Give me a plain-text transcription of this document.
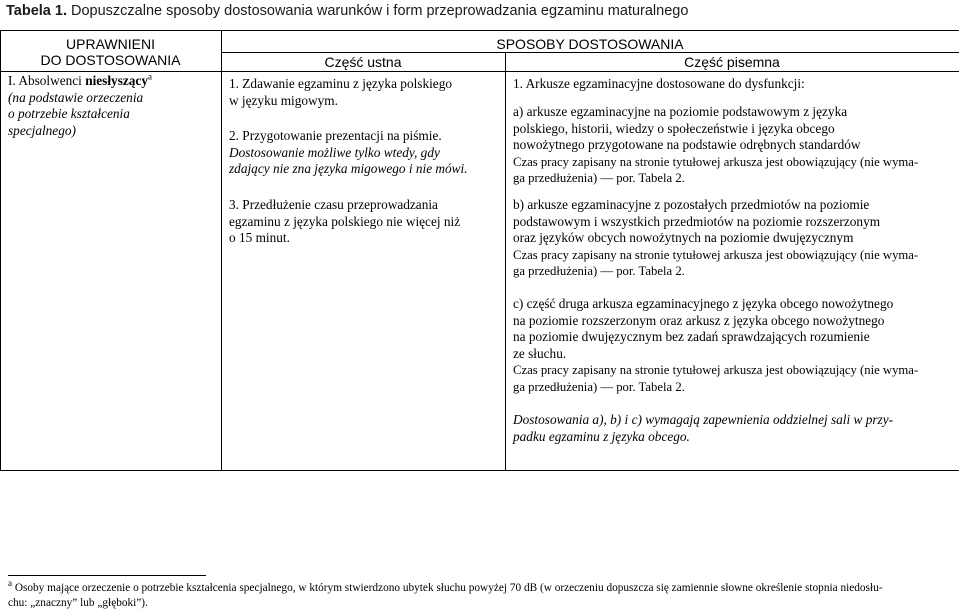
Tabela 1. Dopuszczalne sposoby dostosowania warunków i form przeprowadzania egzaminu maturalnego
UPRAWNIENI
DO DOSTOSOWANIA
SPOSOBY DOSTOSOWANIA
Część ustna	Część pisemna
I. Absolwenci niesłyszący$^a$
(na podstawie orzeczenia
o potrzebie kształcenia
specjalnego)
1. Zdawanie egzaminu z języka polskiego
w języku migowym.
2. Przygotowanie prezentacji na piśmie.
Dostosowanie możliwe tylko wtedy, gdy
zdający nie zna języka migowego i nie mówi.
3. Przedłużenie czasu przeprowadzania
egzaminu z języka polskiego nie więcej niż
o 15 minut.
1. Arkusze egzaminacyjne dostosowane do dysfunkcji:
a) arkusze egzaminacyjne na poziomie podstawowym z języka
polskiego, historii, wiedzy o społeczeństwie i języka obcego
nowożytnego przygotowane na podstawie odrębnych standardów
Czas pracy zapisany na stronie tytułowej arkusza jest obowiązujący (nie wyma-
ga przedłużenia) — por. Tabela 2.
b) arkusze egzaminacyjne z pozostałych przedmiotów na poziomie
podstawowym i wszystkich przedmiotów na poziomie rozszerzonym
oraz języków obcych nowożytnych na poziomie dwujęzycznym
Czas pracy zapisany na stronie tytułowej arkusza jest obowiązujący (nie wyma-
ga przedłużenia) — por. Tabela 2.
c) część druga arkusza egzaminacyjnego z języka obcego nowożytnego
na poziomie rozszerzonym oraz arkusz z języka obcego nowożytnego
na poziomie dwujęzycznym bez zadań sprawdzających rozumienie
ze słuchu.
Czas pracy zapisany na stronie tytułowej arkusza jest obowiązujący (nie wyma-
ga przedłużenia) — por. Tabela 2.
Dostosowania a), b) i c) wymagają zapewnienia oddzielnej sali w przy-
padku egzaminu z języka obcego.
$^a$ Osoby mające orzeczenie o potrzebie kształcenia specjalnego, w którym stwierdzono ubytek słuchu powyżej 70 dB (w orzeczeniu dopuszcza się zamiennie słowne określenie stopnia niedosłu-
chu: „znaczny” lub „głęboki”).
